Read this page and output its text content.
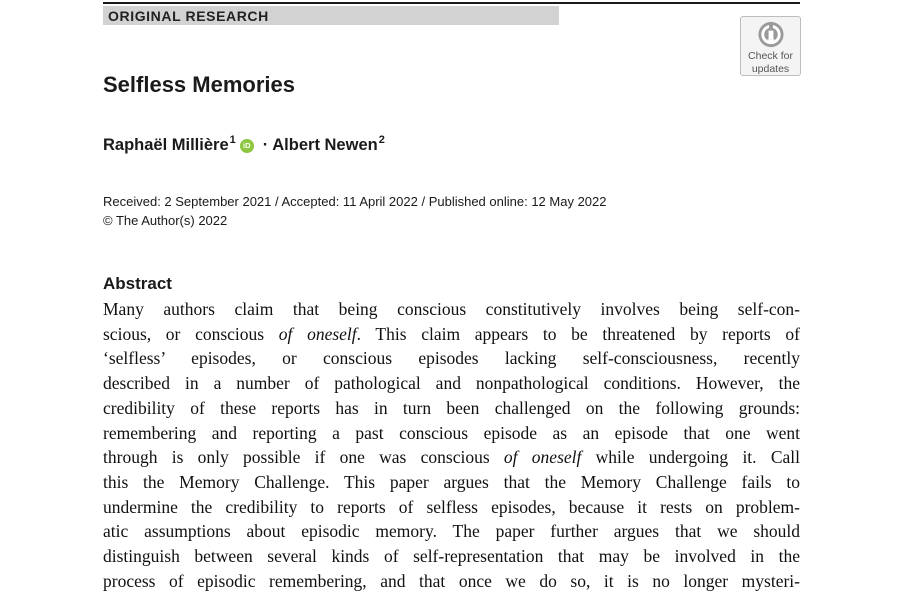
ORIGINAL RESEARCH
Check for
updates
Selfless Memories
Raphaël Millière$^1$ iD · Albert Newen$^2$
Received: 2 September 2021 / Accepted: 11 April 2022 / Published online: 12 May 2022
© The Author(s) 2022
Abstract
Many authors claim that being conscious constitutively involves being self-con-
scious, or conscious of oneself. This claim appears to be threatened by reports of
‘selfless’ episodes, or conscious episodes lacking self-consciousness, recently
described in a number of pathological and nonpathological conditions. However, the
credibility of these reports has in turn been challenged on the following grounds:
remembering and reporting a past conscious episode as an episode that one went
through is only possible if one was conscious of oneself while undergoing it. Call
this the Memory Challenge. This paper argues that the Memory Challenge fails to
undermine the credibility to reports of selfless episodes, because it rests on problem-
atic assumptions about episodic memory. The paper further argues that we should
distinguish between several kinds of self-representation that may be involved in the
process of episodic remembering, and that once we do so, it is no longer mysteri-
